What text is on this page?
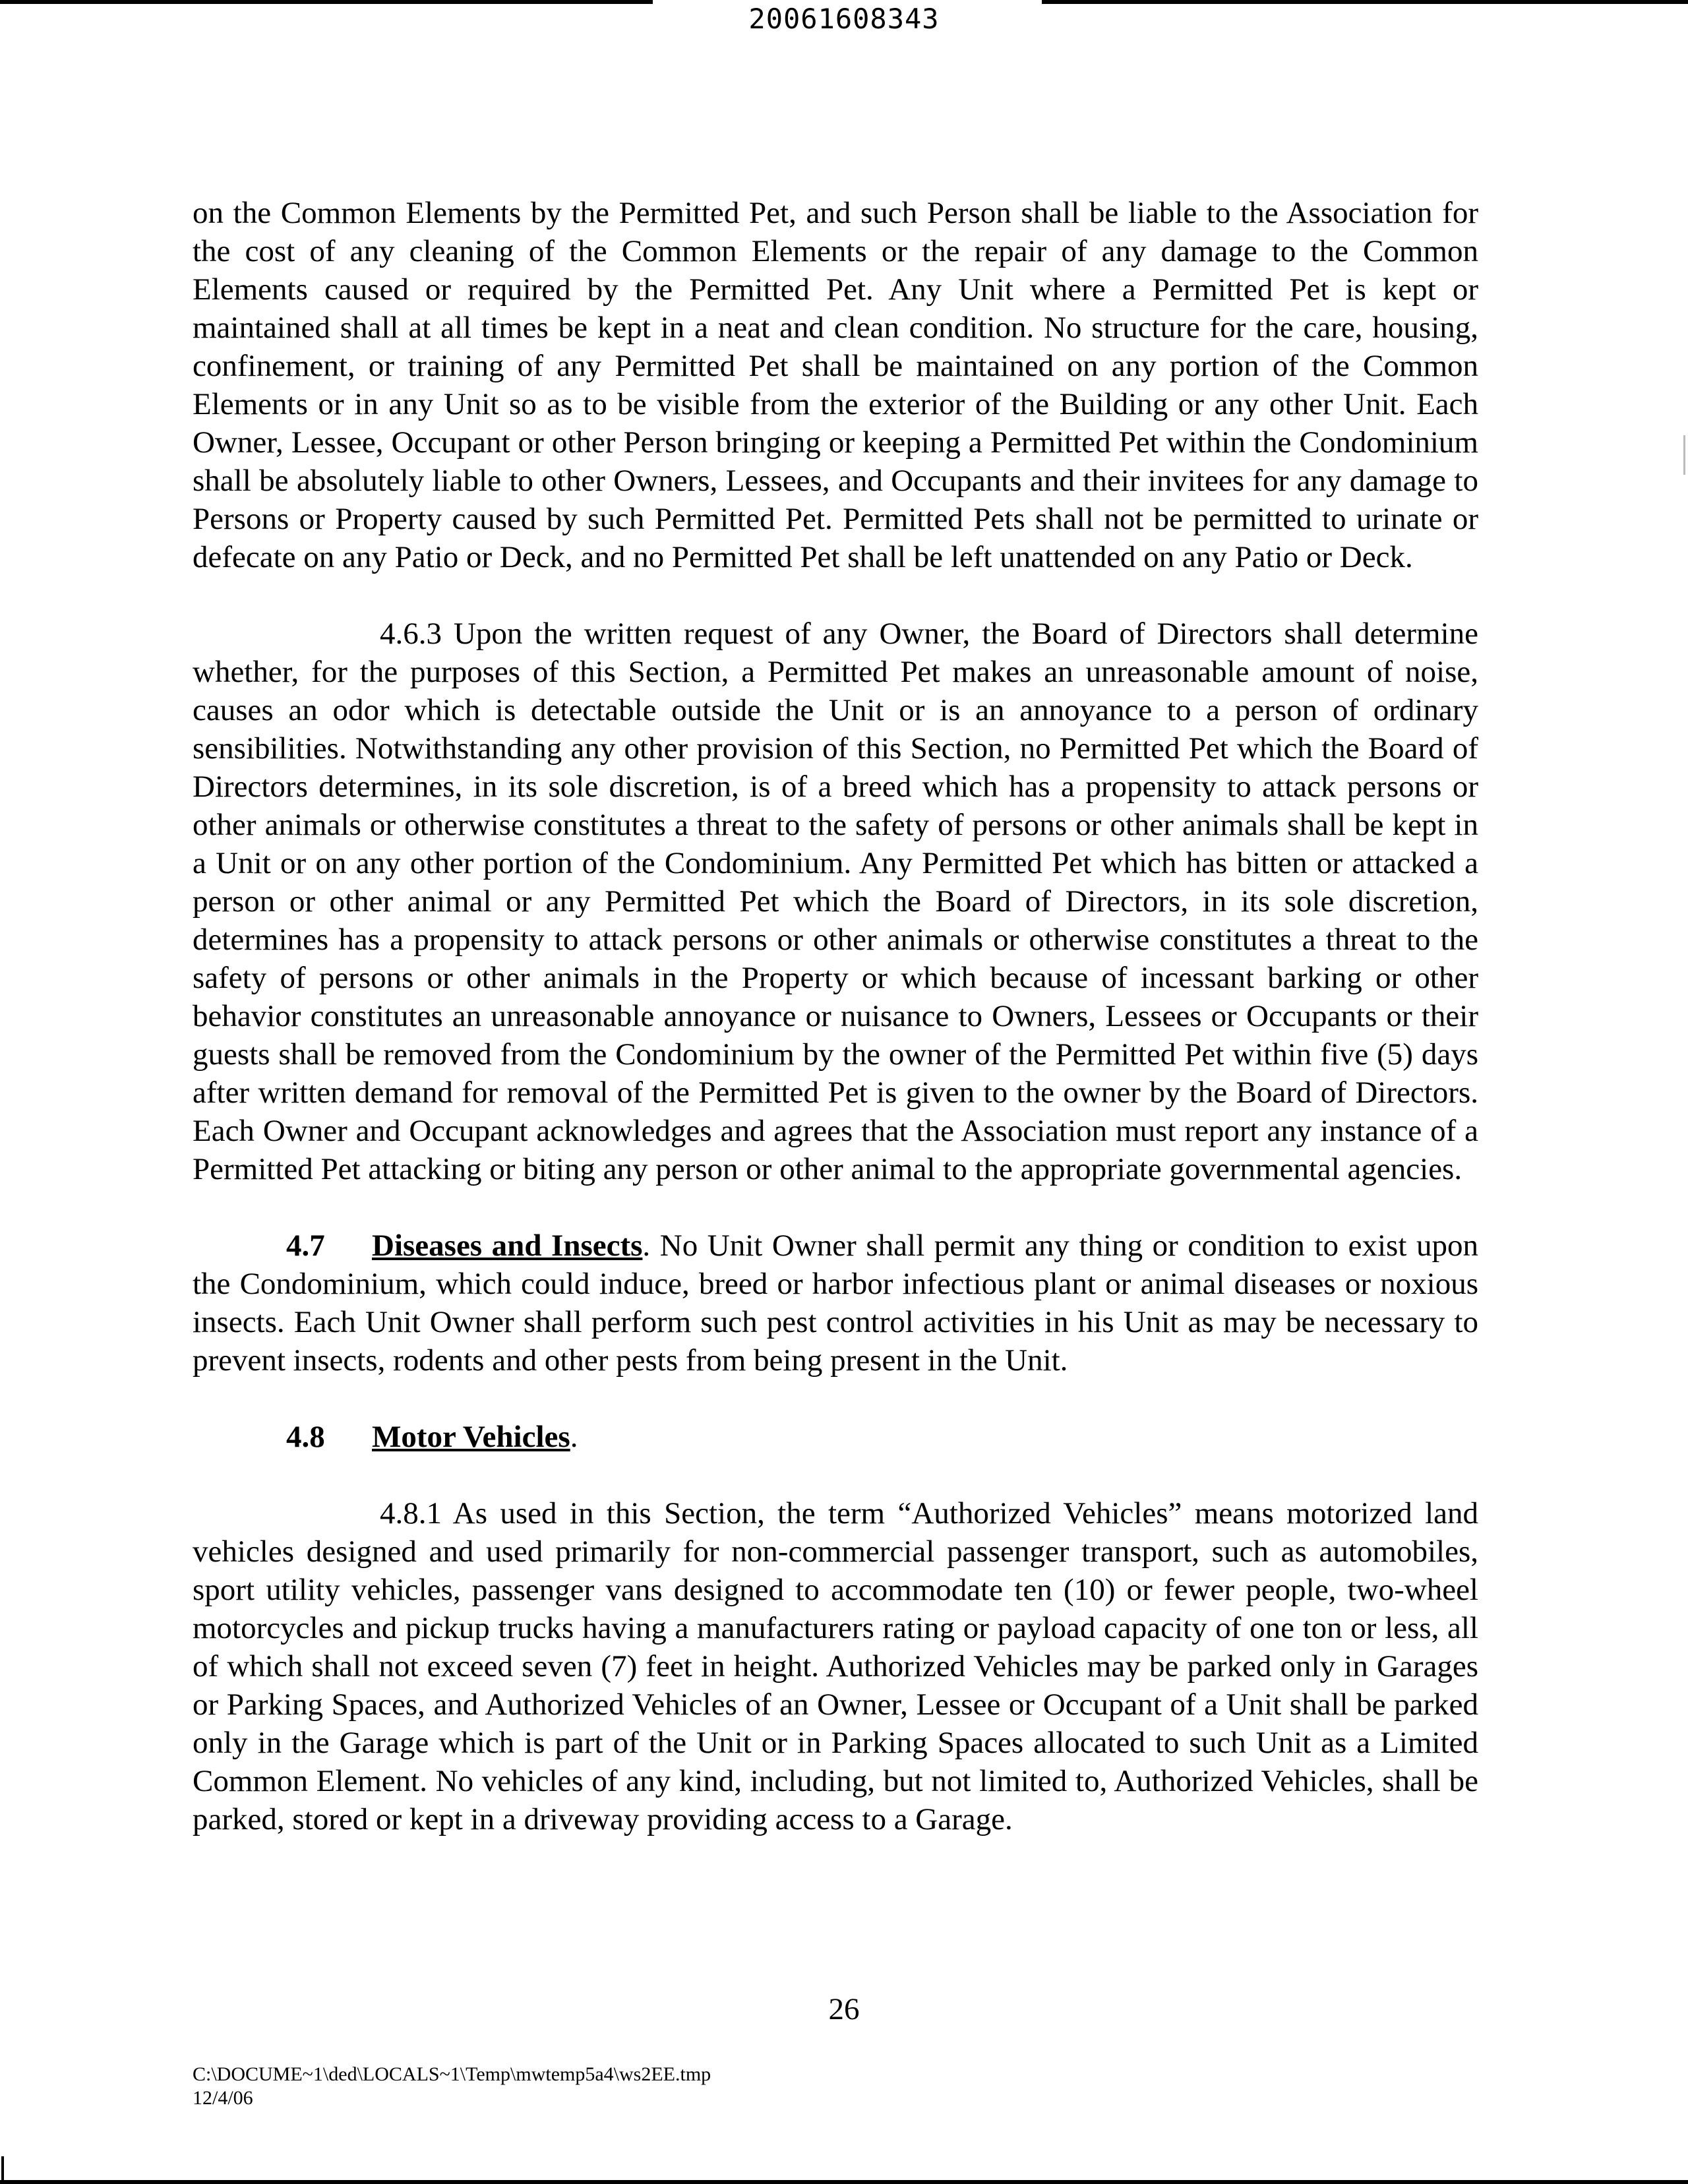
20061608343

on the Common Elements by the Permitted Pet, and such Person shall be liable to the Association for the cost of any cleaning of the Common Elements or the repair of any damage to the Common Elements caused or required by the Permitted Pet. Any Unit where a Permitted Pet is kept or maintained shall at all times be kept in a neat and clean condition. No structure for the care, housing, confinement, or training of any Permitted Pet shall be maintained on any portion of the Common Elements or in any Unit so as to be visible from the exterior of the Building or any other Unit. Each Owner, Lessee, Occupant or other Person bringing or keeping a Permitted Pet within the Condominium shall be absolutely liable to other Owners, Lessees, and Occupants and their invitees for any damage to Persons or Property caused by such Permitted Pet. Permitted Pets shall not be permitted to urinate or defecate on any Patio or Deck, and no Permitted Pet shall be left unattended on any Patio or Deck.

4.6.3 Upon the written request of any Owner, the Board of Directors shall determine whether, for the purposes of this Section, a Permitted Pet makes an unreasonable amount of noise, causes an odor which is detectable outside the Unit or is an annoyance to a person of ordinary sensibilities. Notwithstanding any other provision of this Section, no Permitted Pet which the Board of Directors determines, in its sole discretion, is of a breed which has a propensity to attack persons or other animals or otherwise constitutes a threat to the safety of persons or other animals shall be kept in a Unit or on any other portion of the Condominium. Any Permitted Pet which has bitten or attacked a person or other animal or any Permitted Pet which the Board of Directors, in its sole discretion, determines has a propensity to attack persons or other animals or otherwise constitutes a threat to the safety of persons or other animals in the Property or which because of incessant barking or other behavior constitutes an unreasonable annoyance or nuisance to Owners, Lessees or Occupants or their guests shall be removed from the Condominium by the owner of the Permitted Pet within five (5) days after written demand for removal of the Permitted Pet is given to the owner by the Board of Directors. Each Owner and Occupant acknowledges and agrees that the Association must report any instance of a Permitted Pet attacking or biting any person or other animal to the appropriate governmental agencies.

4.7 Diseases and Insects. No Unit Owner shall permit any thing or condition to exist upon the Condominium, which could induce, breed or harbor infectious plant or animal diseases or noxious insects. Each Unit Owner shall perform such pest control activities in his Unit as may be necessary to prevent insects, rodents and other pests from being present in the Unit.

4.8 Motor Vehicles.

4.8.1 As used in this Section, the term “Authorized Vehicles” means motorized land vehicles designed and used primarily for non-commercial passenger transport, such as automobiles, sport utility vehicles, passenger vans designed to accommodate ten (10) or fewer people, two-wheel motorcycles and pickup trucks having a manufacturers rating or payload capacity of one ton or less, all of which shall not exceed seven (7) feet in height. Authorized Vehicles may be parked only in Garages or Parking Spaces, and Authorized Vehicles of an Owner, Lessee or Occupant of a Unit shall be parked only in the Garage which is part of the Unit or in Parking Spaces allocated to such Unit as a Limited Common Element. No vehicles of any kind, including, but not limited to, Authorized Vehicles, shall be parked, stored or kept in a driveway providing access to a Garage.

26
C:\DOCUME~1\ded\LOCALS~1\Temp\mwtemp5a4\ws2EE.tmp
12/4/06
